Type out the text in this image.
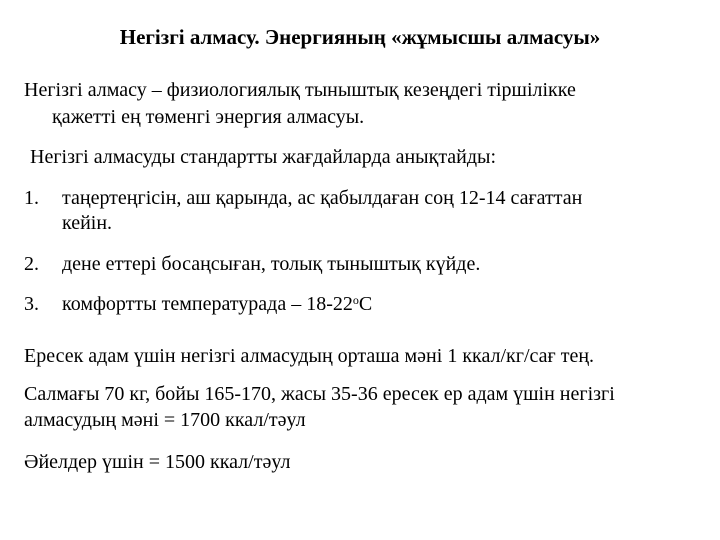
Негізгі алмасу. Энергияның «жұмысшы алмасуы»
Негізгі алмасу – физиологиялық тыныштық кезеңдегі тіршілікке
қажетті ең төменгі энергия алмасуы.
Негізгі алмасуды стандартты жағдайларда анықтайды:
1. таңертеңгісін, аш қарында, ас қабылдаған соң 12-14 сағаттан
кейін.
2. дене еттері босаңсыған, толық тыныштық күйде.
3. комфортты температурада – 18-22$^o$С
Ересек адам үшін негізгі алмасудың орташа мәні 1 ккал/кг/сағ тең.
Салмағы 70 кг, бойы 165-170, жасы 35-36 ересек ер адам үшін негізгі
алмасудың мәні = 1700 ккал/тәул
Әйелдер үшін = 1500 ккал/тәул
